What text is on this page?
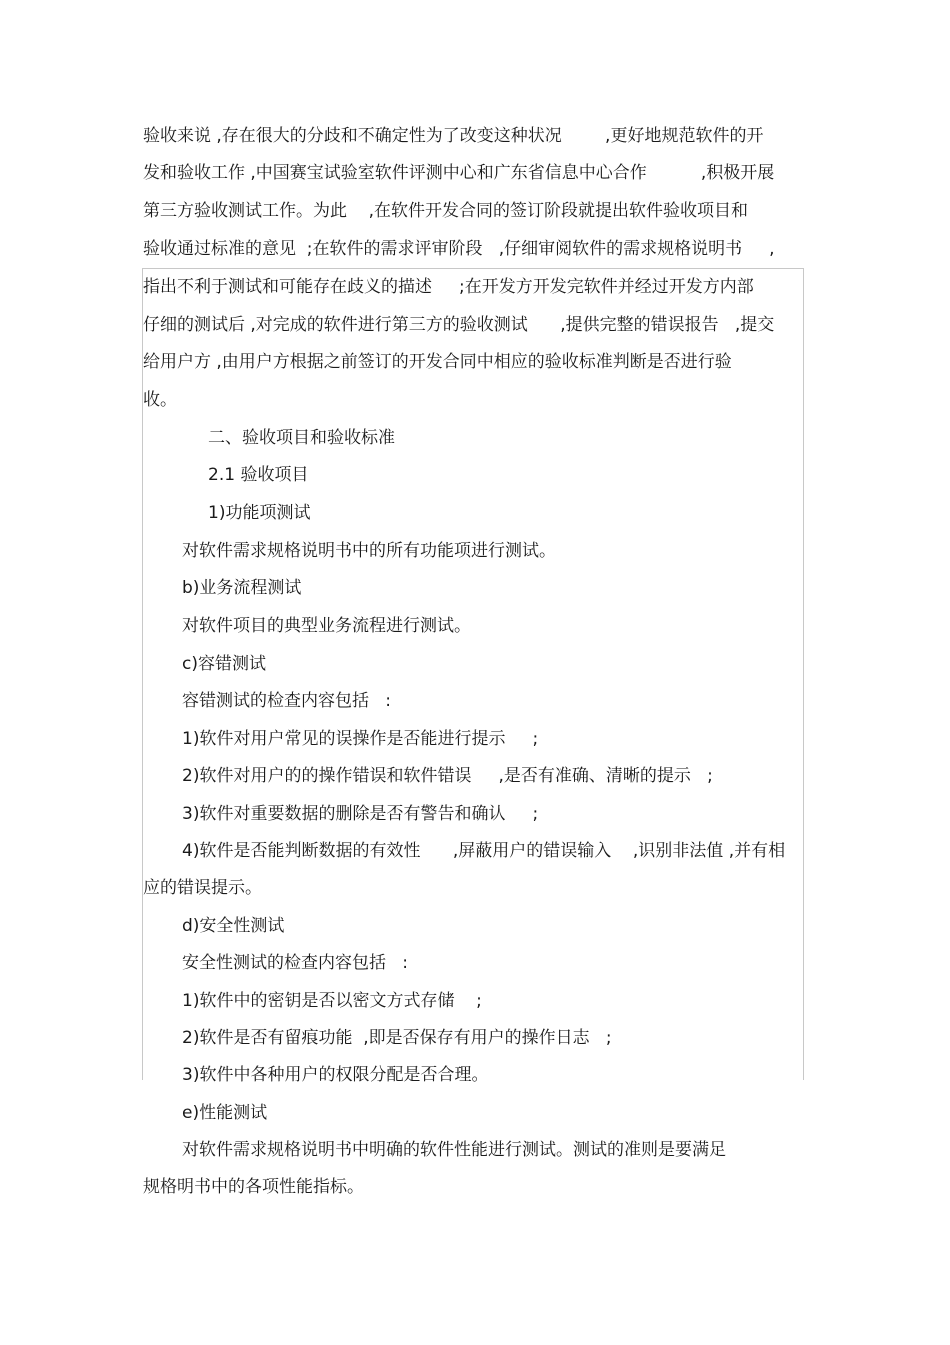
验收来说 ,存在很大的分歧和不确定性为了改变这种状况        ,更好地规范软件的开
发和验收工作 ,中国赛宝试验室软件评测中心和广东省信息中心合作          ,积极开展
第三方验收测试工作。为此    ,在软件开发合同的签订阶段就提出软件验收项目和
验收通过标准的意见  ;在软件的需求评审阶段   ,仔细审阅软件的需求规格说明书     ,
指出不利于测试和可能存在歧义的描述     ;在开发方开发完软件并经过开发方内部
仔细的测试后 ,对完成的软件进行第三方的验收测试      ,提供完整的错误报告   ,提交
给用户方 ,由用户方根据之前签订的开发合同中相应的验收标准判断是否进行验
收。
二、验收项目和验收标准
2.1 验收项目
1)功能项测试
对软件需求规格说明书中的所有功能项进行测试。
b)业务流程测试
对软件项目的典型业务流程进行测试。
c)容错测试
容错测试的检查内容包括   :
1)软件对用户常见的误操作是否能进行提示     ;
2)软件对用户的的操作错误和软件错误     ,是否有准确、清晰的提示   ;
3)软件对重要数据的删除是否有警告和确认     ;
4)软件是否能判断数据的有效性      ,屏蔽用户的错误输入    ,识别非法值 ,并有相
应的错误提示。
d)安全性测试
安全性测试的检查内容包括   :
1)软件中的密钥是否以密文方式存储    ;
2)软件是否有留痕功能  ,即是否保存有用户的操作日志   ;
3)软件中各种用户的权限分配是否合理。
e)性能测试
对软件需求规格说明书中明确的软件性能进行测试。测试的准则是要满足
规格明书中的各项性能指标。
